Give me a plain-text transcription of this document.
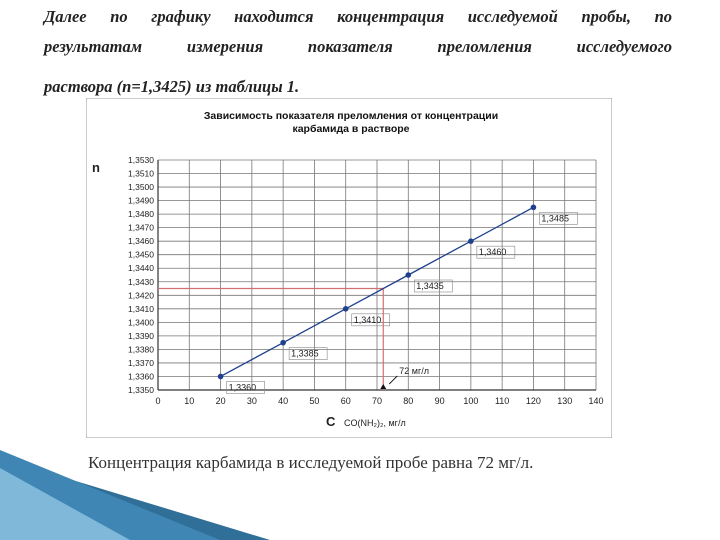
Далее по графику находится концентрация исследуемой пробы, по
результатам измерения показателя преломления исследуемого
раствора (n=1,3425) из таблицы 1.
Зависимость показателя преломления от концентрации
карбамида в растворе
0	10 20 30 40 50 60 70 80 90 100 110 120 130 140
1,3350
1,3360
1,3370
1,3380
1,3390
1,3400
1,3410
1,3420
1,3430
1,3440
1,3450
1,3460
1,3470
1,3480
1,3490
1,3500
1,3510
1,3530
1,3360
1,3385
1,3410
1,3435
1,3460
1,3485
72 мг/л
n
C CO(NH₂)₂, мг/л
Концентрация карбамида в исследуемой пробе равна 72 мг/л.
